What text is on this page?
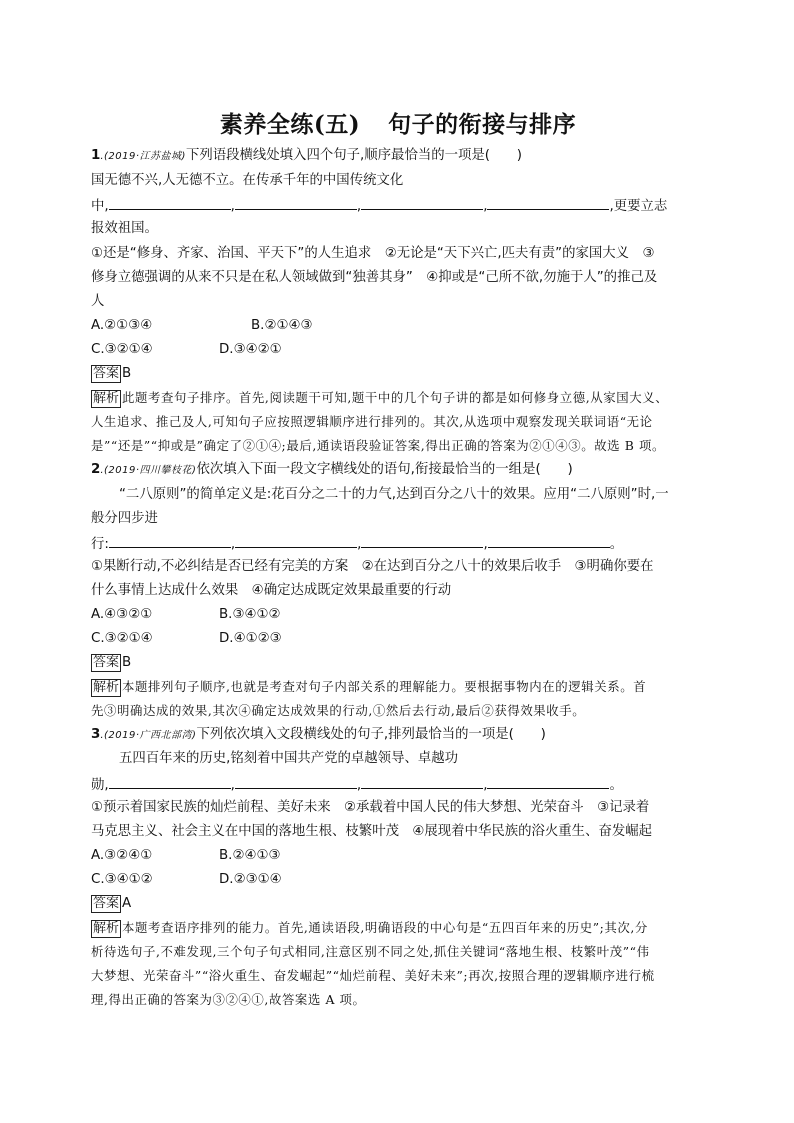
素养全练(五) 句子的衔接与排序
1.(2019·江苏盐城)下列语段横线处填入四个句子,顺序最恰当的一项是(　　)
国无德不兴,人无德不立。在传承千年的中国传统文化
中,	,	,	,	,更要立志
报效祖国。
①还是“修身、齐家、治国、平天下”的人生追求　②无论是“天下兴亡,匹夫有责”的家国大义　③
修身立德强调的从来不只是在私人领域做到“独善其身”　④抑或是“己所不欲,勿施于人”的推己及
人
A.②①③④	B.②①④③
C.③②①④	D.③④②①
答案 B
解析 此题考查句子排序。首先,阅读题干可知,题干中的几个句子讲的都是如何修身立德,从家国大义、
人生追求、推己及人,可知句子应按照逻辑顺序进行排列的。其次,从选项中观察发现关联词语“无论
是”“还是”“抑或是”确定了②①④;最后,通读语段验证答案,得出正确的答案为②①④③。故选 B 项。
2.(2019·四川攀枝花)依次填入下面一段文字横线处的语句,衔接最恰当的一组是(　　)
“二八原则”的简单定义是:花百分之二十的力气,达到百分之八十的效果。应用“二八原则”时,一
般分四步进
行:	,	,	,	。
①果断行动,不必纠结是否已经有完美的方案　②在达到百分之八十的效果后收手　③明确你要在
什么事情上达成什么效果　④确定达成既定效果最重要的行动
A.④③②①	B.③④①②
C.③②①④	D.④①②③
答案 B
解析 本题排列句子顺序,也就是考查对句子内部关系的理解能力。要根据事物内在的逻辑关系。首
先③明确达成的效果,其次④确定达成效果的行动,①然后去行动,最后②获得效果收手。
3.(2019·广西北部湾)下列依次填入文段横线处的句子,排列最恰当的一项是(　　)
五四百年来的历史,铭刻着中国共产党的卓越领导、卓越功
勋,	,	,	,	。
①预示着国家民族的灿烂前程、美好未来　②承载着中国人民的伟大梦想、光荣奋斗　③记录着
马克思主义、社会主义在中国的落地生根、枝繁叶茂　④展现着中华民族的浴火重生、奋发崛起
A.③②④①	B.②④①③
C.③④①②	D.②③①④
答案 A
解析 本题考查语序排列的能力。首先,通读语段,明确语段的中心句是“五四百年来的历史”;其次,分
析待选句子,不难发现,三个句子句式相同,注意区别不同之处,抓住关键词“落地生根、枝繁叶茂”“伟
大梦想、光荣奋斗”“浴火重生、奋发崛起”“灿烂前程、美好未来”;再次,按照合理的逻辑顺序进行梳
理,得出正确的答案为③②④①,故答案选 A 项。
